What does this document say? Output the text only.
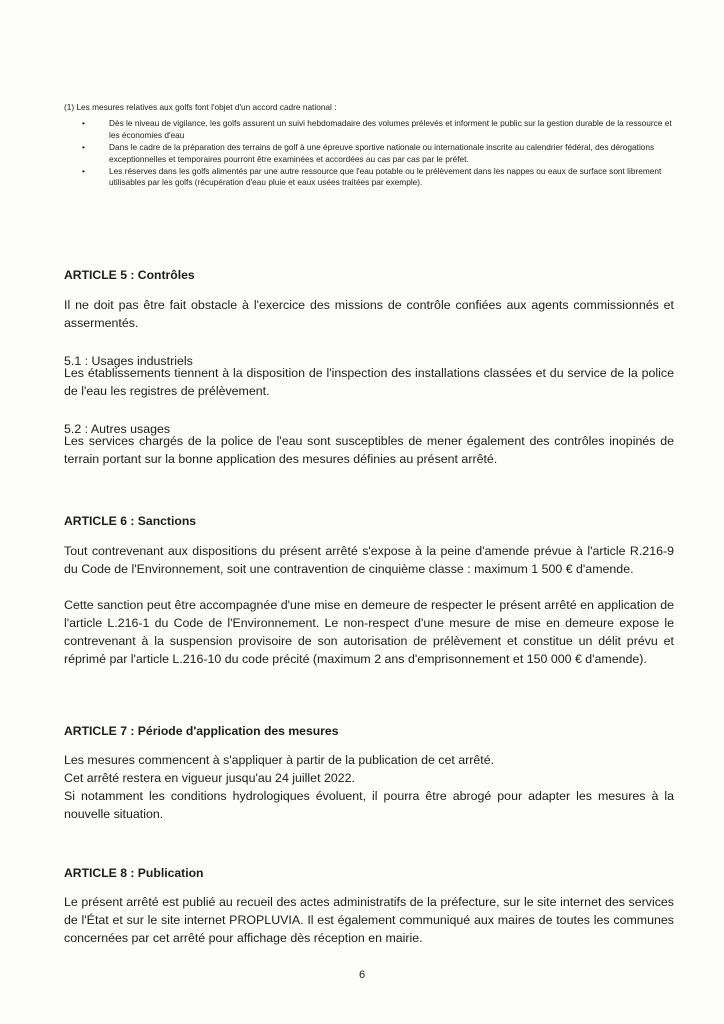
(1) Les mesures relatives aux golfs font l'objet d'un accord cadre national :

•	Dès le niveau de vigilance, les golfs assurent un suivi hebdomadaire des volumes prélevés et informent le public sur la gestion durable de la ressource et les économies d'eau
•	Dans le cadre de la préparation des terrains de golf à une épreuve sportive nationale ou internationale inscrite au calendrier fédéral, des dérogations exceptionnelles et temporaires pourront être examinées et accordées au cas par cas par le préfet.
•	Les réserves dans les golfs alimentés par une autre ressource que l'eau potable ou le prélèvement dans les nappes ou eaux de surface sont librement utilisables par les golfs (récupération d'eau pluie et eaux usées traitées par exemple).
ARTICLE 5 : Contrôles

Il ne doit pas être fait obstacle à l'exercice des missions de contrôle confiées aux agents commissionnés et assermentés.

5.1 : Usages industriels

Les établissements tiennent à la disposition de l'inspection des installations classées et du service de la police de l'eau les registres de prélèvement.

5.2 : Autres usages

Les services chargés de la police de l'eau sont susceptibles de mener également des contrôles inopinés de terrain portant sur la bonne application des mesures définies au présent arrêté.

ARTICLE 6 : Sanctions

Tout contrevenant aux dispositions du présent arrêté s'expose à la peine d'amende prévue à l'article R.216-9 du Code de l'Environnement, soit une contravention de cinquième classe : maximum 1 500 € d'amende.

Cette sanction peut être accompagnée d'une mise en demeure de respecter le présent arrêté en application de l'article L.216-1 du Code de l'Environnement. Le non-respect d'une mesure de mise en demeure expose le contrevenant à la suspension provisoire de son autorisation de prélèvement et constitue un délit prévu et réprimé par l'article L.216-10 du code précité (maximum 2 ans d'emprisonnement et 150 000 € d'amende).

ARTICLE 7 : Période d'application des mesures

Les mesures commencent à s'appliquer à partir de la publication de cet arrêté.

Cet arrêté restera en vigueur jusqu'au 24 juillet 2022.

Si notamment les conditions hydrologiques évoluent, il pourra être abrogé pour adapter les mesures à la nouvelle situation.

ARTICLE 8 : Publication

Le présent arrêté est publié au recueil des actes administratifs de la préfecture, sur le site internet des services de l'État et sur le site internet PROPLUVIA. Il est également communiqué aux maires de toutes les communes concernées par cet arrêté pour affichage dès réception en mairie.

6
